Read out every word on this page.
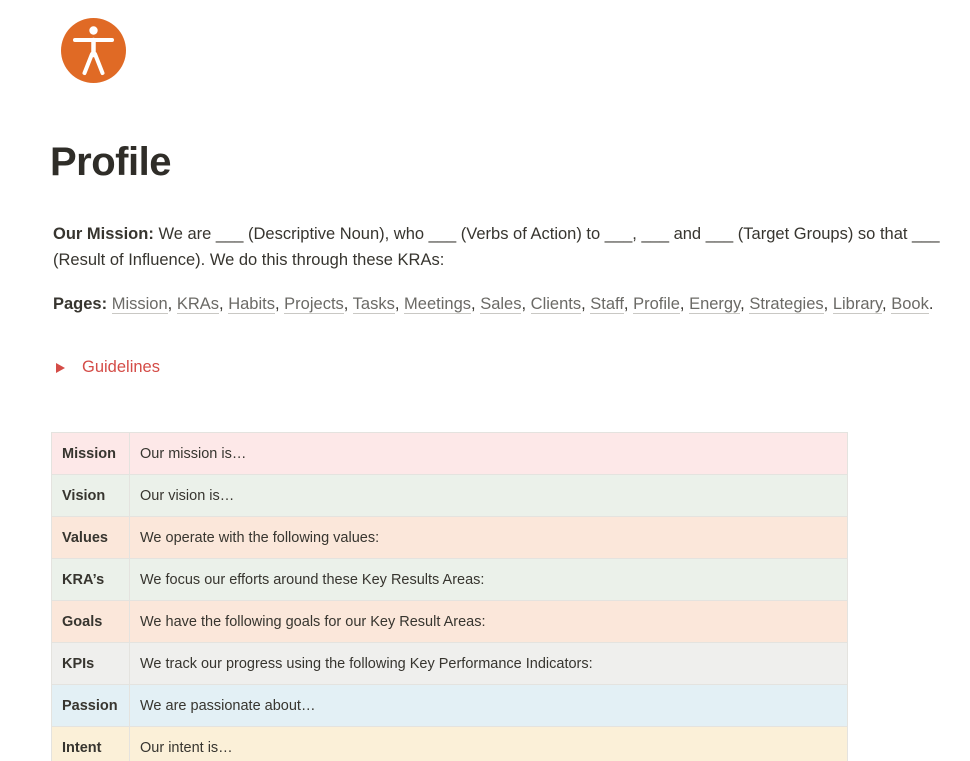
Profile
Our Mission: We are ___ (Descriptive Noun), who ___ (Verbs of Action) to ___, ___ and ___ (Target Groups) so that ___ (Result of Influence). We do this through these KRAs:
Pages: Mission, KRAs, Habits, Projects, Tasks, Meetings, Sales, Clients, Staff, Profile, Energy, Strategies, Library, Book.
Guidelines
Mission	Our mission is…
Vision	Our vision is…
Values	We operate with the following values:
KRA’s	We focus our efforts around these Key Results Areas:
Goals	We have the following goals for our Key Result Areas:
KPIs	We track our progress using the following Key Performance Indicators:
Passion	We are passionate about…
Intent	Our intent is…
